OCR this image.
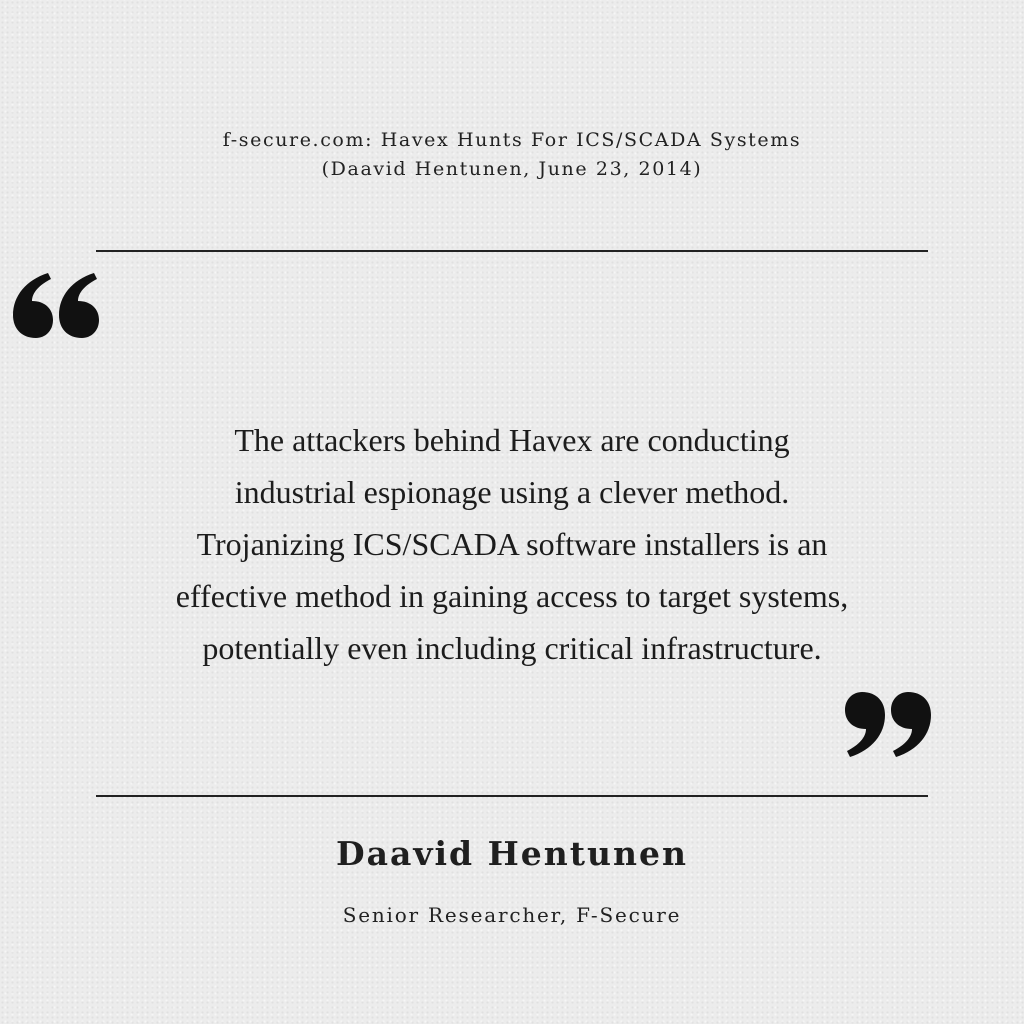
f-secure.com: Havex Hunts For ICS/SCADA Systems
(Daavid Hentunen, June 23, 2014)
The attackers behind Havex are conducting
industrial espionage using a clever method.
Trojanizing ICS/SCADA software installers is an
effective method in gaining access to target systems,
potentially even including critical infrastructure.
Daavid Hentunen
Senior Researcher, F-Secure
